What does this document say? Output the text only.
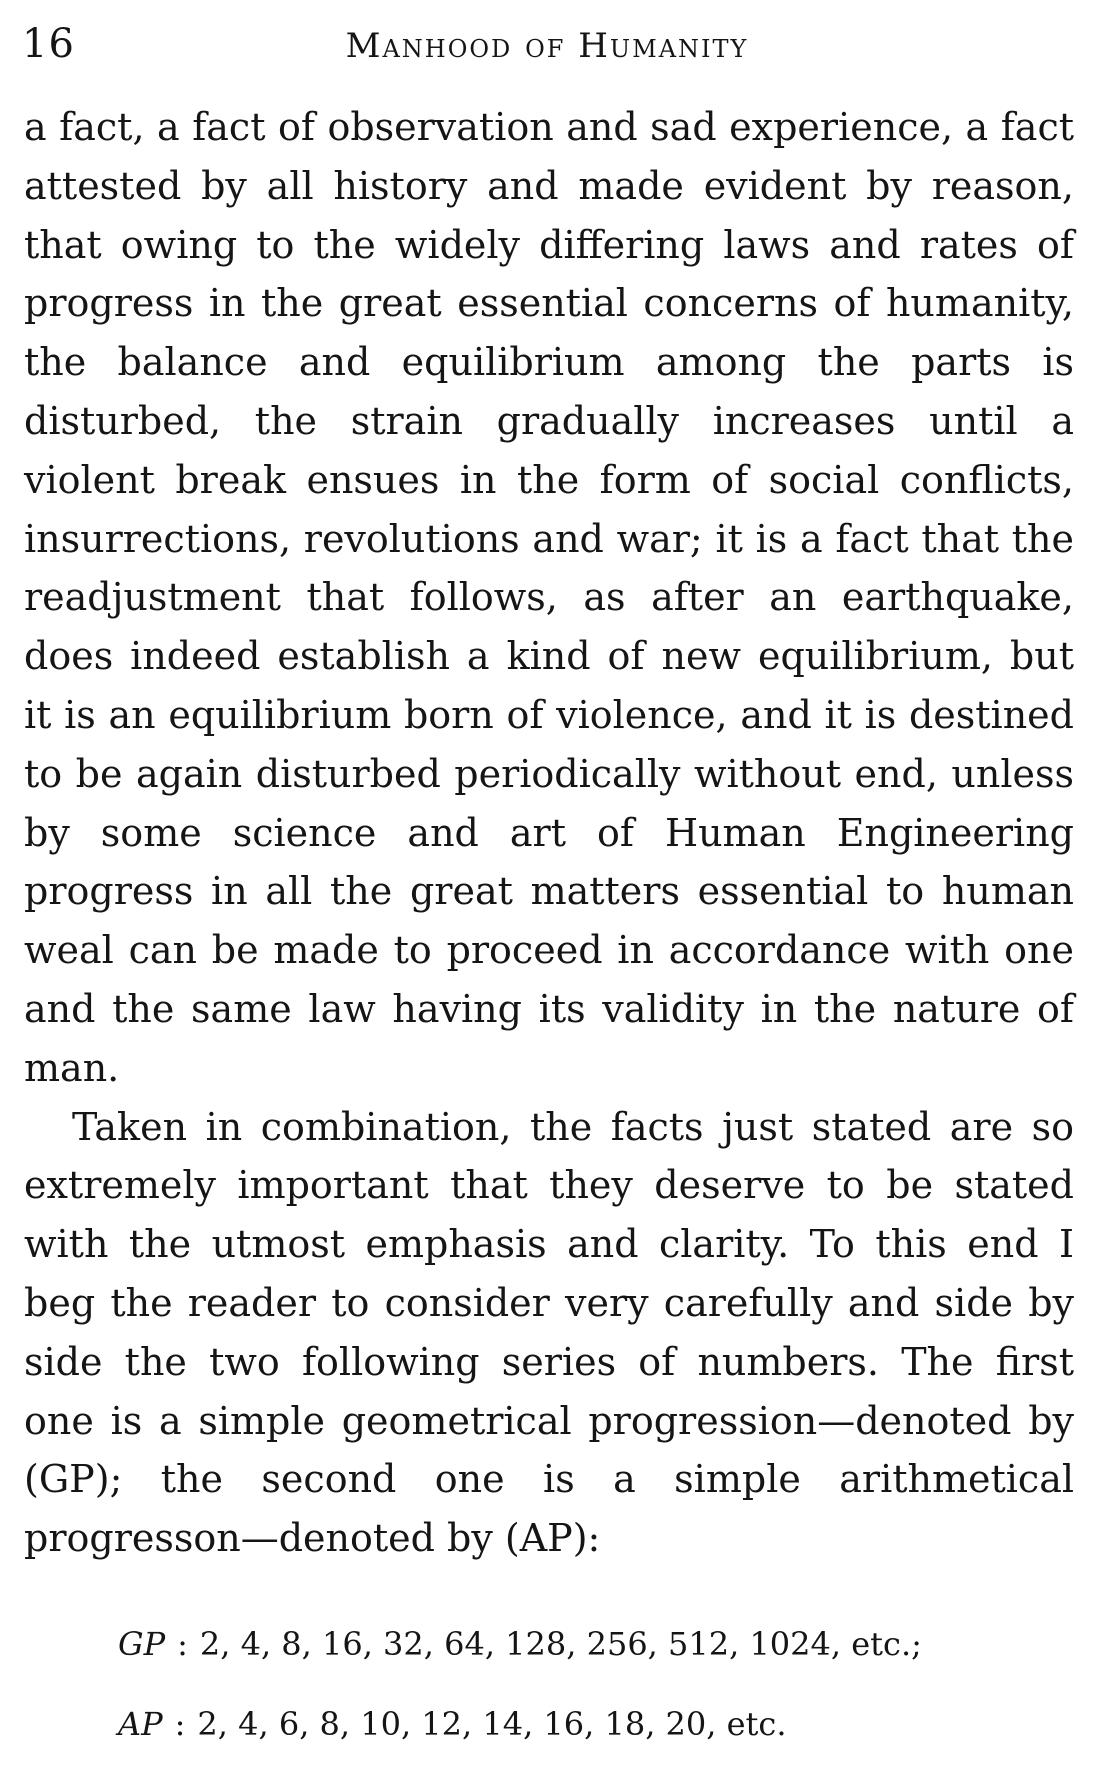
16	Manhood of Humanity

a fact, a fact of observation and sad experience, a fact attested by all history and made evident by reason, that owing to the widely differing laws and rates of progress in the great essential concerns of humanity, the balance and equilibrium among the parts is disturbed, the strain gradually increases until a violent break ensues in the form of social conflicts, insurrections, revolutions and war; it is a fact that the readjustment that follows, as after an earthquake, does indeed establish a kind of new equilibrium, but it is an equilibrium born of violence, and it is destined to be again disturbed periodically without end, unless by some science and art of Human Engineering progress in all the great matters essential to human weal can be made to proceed in accordance with one and the same law having its validity in the nature of man.

Taken in combination, the facts just stated are so extremely important that they deserve to be stated with the utmost emphasis and clarity. To this end I beg the reader to consider very carefully and side by side the two following series of numbers. The first one is a simple geometrical progression—denoted by (GP); the second one is a simple arithmetical progresson—denoted by (AP):

GP : 2, 4, 8, 16, 32, 64, 128, 256, 512, 1024, etc.;
AP : 2, 4, 6, 8, 10, 12, 14, 16, 18, 20, etc.
